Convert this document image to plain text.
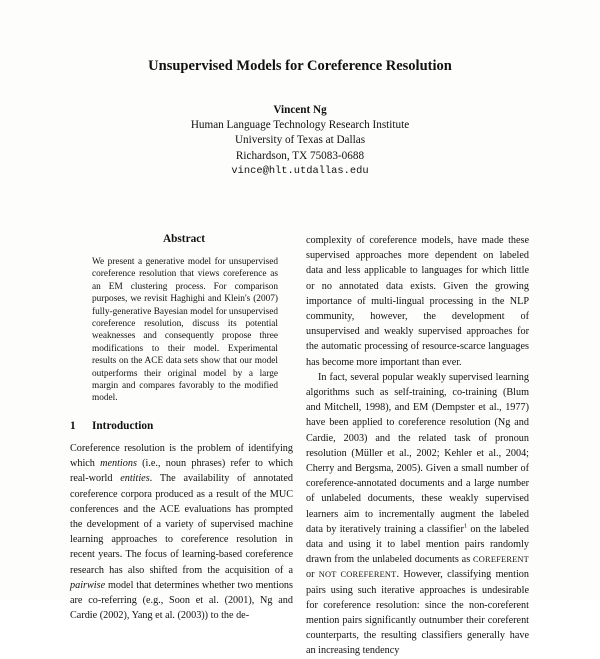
Unsupervised Models for Coreference Resolution
Vincent Ng
Human Language Technology Research Institute
University of Texas at Dallas
Richardson, TX 75083-0688
vince@hlt.utdallas.edu
Abstract
We present a generative model for unsupervised coreference resolution that views coreference as an EM clustering process. For comparison purposes, we revisit Haghighi and Klein's (2007) fully-generative Bayesian model for unsupervised coreference resolution, discuss its potential weaknesses and consequently propose three modifications to their model. Experimental results on the ACE data sets show that our model outperforms their original model by a large margin and compares favorably to the modified model.
1 Introduction

Coreference resolution is the problem of identifying which mentions (i.e., noun phrases) refer to which real-world entities. The availability of annotated coreference corpora produced as a result of the MUC conferences and the ACE evaluations has prompted the development of a variety of supervised machine learning approaches to coreference resolution in recent years. The focus of learning-based coreference research has also shifted from the acquisition of a pairwise model that determines whether two mentions are co-referring (e.g., Soon et al. (2001), Ng and Cardie (2002), Yang et al. (2003)) to the de-

complexity of coreference models, have made these supervised approaches more dependent on labeled data and less applicable to languages for which little or no annotated data exists. Given the growing importance of multi-lingual processing in the NLP community, however, the development of unsupervised and weakly supervised approaches for the automatic processing of resource-scarce languages has become more important than ever.

In fact, several popular weakly supervised learning algorithms such as self-training, co-training (Blum and Mitchell, 1998), and EM (Dempster et al., 1977) have been applied to coreference resolution (Ng and Cardie, 2003) and the related task of pronoun resolution (Müller et al., 2002; Kehler et al., 2004; Cherry and Bergsma, 2005). Given a small number of coreference-annotated documents and a large number of unlabeled documents, these weakly supervised learners aim to incrementally augment the labeled data by iteratively training a classifier$^1$ on the labeled data and using it to label mention pairs randomly drawn from the unlabeled documents as COREFERENT or NOT COREFERENT. However, classifying mention pairs using such iterative approaches is undesirable for coreference resolution: since the non-coreferent mention pairs significantly outnumber their coreferent counterparts, the resulting classifiers generally have an increasing tendency
